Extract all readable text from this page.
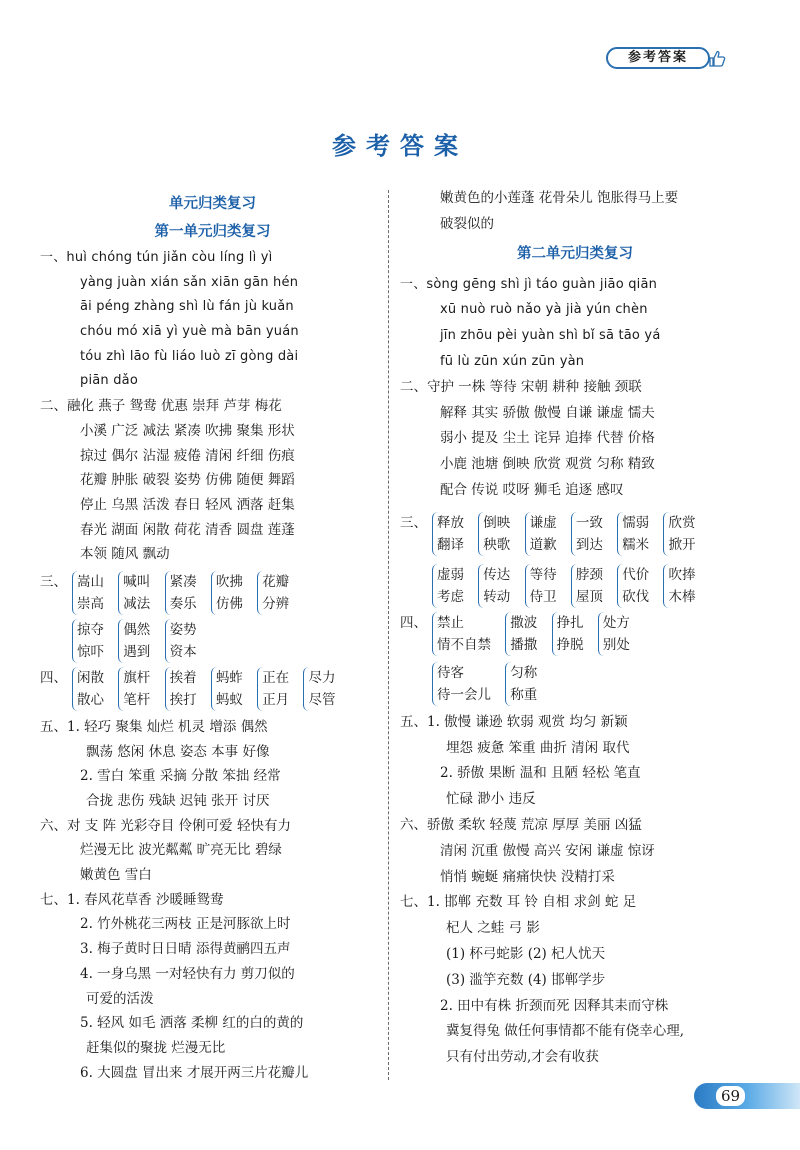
参考答案
参考答案
单元归类复习
第一单元归类复习
一、huì chóng tún jiǎn còu líng lì yì
yàng juàn xián sǎn xiān gān hén
āi péng zhàng shì lù fán jù kuǎn
chóu mó xiā yì yuè mà bān yuán
tóu zhì lāo fù liáo luò zī gòng dài
piān dǎo
二、融化 燕子 鸳鸯 优惠 崇拜 芦芽 梅花
小溪 广泛 减法 紧凑 吹拂 聚集 形状
掠过 偶尔 沾湿 疲倦 清闲 纤细 伤痕
花瓣 肿胀 破裂 姿势 仿佛 随便 舞蹈
停止 乌黑 活泼 春日 轻风 洒落 赶集
春光 湖面 闲散 荷花 清香 圆盘 莲蓬
本领 随风 飘动
三、 嵩山
崇高

喊叫
减法

紧凑
奏乐

吹拂
仿佛

花瓣
分辨
掠夺
惊吓

偶然
遇到

姿势
资本
四、 闲散
散心

旗杆
笔杆

挨着
挨打

蚂蚱
蚂蚁

正在
正月

尽力
尽管
五、1. 轻巧 聚集 灿烂 机灵 增添 偶然
飘荡 悠闲 休息 姿态 本事 好像
2. 雪白 笨重 采摘 分散 笨拙 经常
合拢 悲伤 残缺 迟钝 张开 讨厌
六、对 支 阵 光彩夺目 伶俐可爱 轻快有力
烂漫无比 波光粼粼 旷亮无比 碧绿
嫩黄色 雪白
七、1. 春风花草香 沙暖睡鸳鸯
2. 竹外桃花三两枝 正是河豚欲上时
3. 梅子黄时日日晴 添得黄鹂四五声
4. 一身乌黑 一对轻快有力 剪刀似的
可爱的活泼
5. 轻风 如毛 洒落 柔柳 红的白的黄的
赶集似的聚拢 烂漫无比
6. 大圆盘 冒出来 才展开两三片花瓣儿
嫩黄色的小莲蓬 花骨朵儿 饱胀得马上要
破裂似的
第二单元归类复习
一、sòng gēng shì jì táo guàn jiāo qiān
xū nuò ruò nǎo yà jià yún chèn
jīn zhōu pèi yuàn shì bǐ sā tāo yá
fū lù zūn xún zūn yàn
二、守护 一株 等待 宋朝 耕种 接触 颈联
解释 其实 骄傲 傲慢 自谦 谦虚 懦夫
弱小 提及 尘土 诧异 追捧 代替 价格
小鹿 池塘 倒映 欣赏 观赏 匀称 精致
配合 传说 哎呀 狮毛 追逐 感叹
三、 释放
翻译

倒映
秧歌

谦虚
道歉

一致
到达

懦弱
糯米

欣赏
掀开
虚弱
考虑

传达
转动

等待
侍卫

脖颈
屋顶

代价
砍伐

吹捧
木棒
四、 禁止
情不自禁

撒波
播撒

挣扎
挣脱

处方
别处
待客
待一会儿

匀称
称重
五、1. 傲慢 谦逊 软弱 观赏 均匀 新颖
埋怨 疲惫 笨重 曲折 清闲 取代
2. 骄傲 果断 温和 且陋 轻松 笔直
忙碌 渺小 违反
六、骄傲 柔软 轻蔑 荒凉 厚厚 美丽 凶猛
清闲 沉重 傲慢 高兴 安闲 谦虚 惊讶
悄悄 蜿蜒 痛痛快快 没精打采
七、1. 邯郸 充数 耳 铃 自相 求剑 蛇 足
杞人 之蛙 弓 影
(1) 杯弓蛇影 (2) 杞人忧天
(3) 滥竽充数 (4) 邯郸学步
2. 田中有株 折颈而死 因释其耒而守株
冀复得兔 做任何事情都不能有侥幸心理,
只有付出劳动,才会有收获
69
